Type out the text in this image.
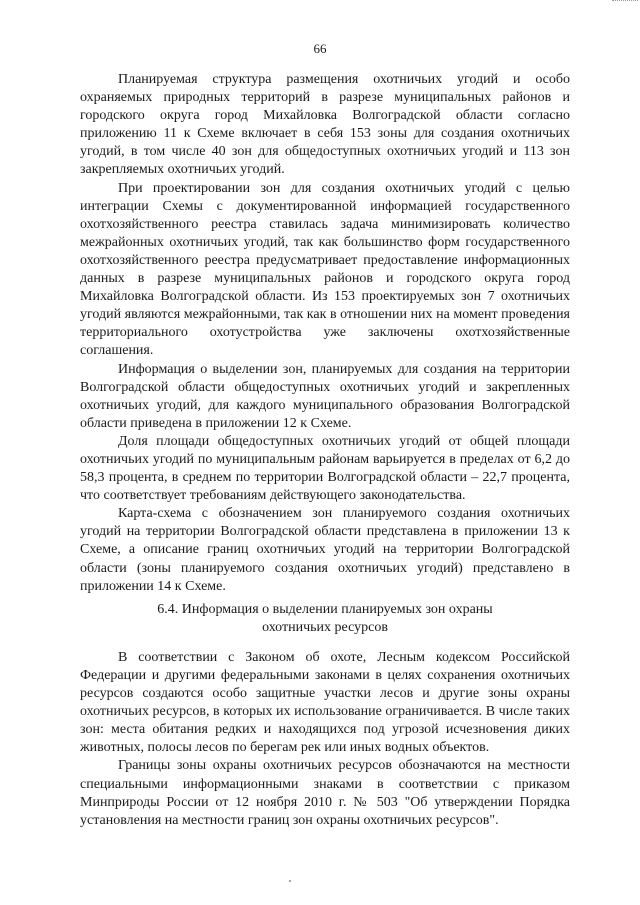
66

Планируемая структура размещения охотничьих угодий и особо охраняемых природных территорий в разрезе муниципальных районов и городского округа город Михайловка Волгоградской области согласно приложению 11 к Схеме включает в себя 153 зоны для создания охотничьих угодий, в том числе 40 зон для общедоступных охотничьих угодий и 113 зон закрепляемых охотничьих угодий.

При проектировании зон для создания охотничьих угодий с целью интеграции Схемы с документированной информацией государственного охотхозяйственного реестра ставилась задача минимизировать количество межрайонных охотничьих угодий, так как большинство форм государственного охотхозяйственного реестра предусматривает предоставление информационных данных в разрезе муниципальных районов и городского округа город Михайловка Волгоградской области. Из 153 проектируемых зон 7 охотничьих угодий являются межрайонными, так как в отношении них на момент проведения территориального охотустройства уже заключены охотхозяйственные соглашения.

Информация о выделении зон, планируемых для создания на территории Волгоградской области общедоступных охотничьих угодий и закрепленных охотничьих угодий, для каждого муниципального образования Волгоградской области приведена в приложении 12 к Схеме.

Доля площади общедоступных охотничьих угодий от общей площади охотничьих угодий по муниципальным районам варьируется в пределах от 6,2 до 58,3 процента, в среднем по территории Волгоградской области – 22,7 процента, что соответствует требованиям действующего законодательства.

Карта-схема с обозначением зон планируемого создания охотничьих угодий на территории Волгоградской области представлена в приложении 13 к Схеме, а описание границ охотничьих угодий на территории Волгоградской области (зоны планируемого создания охотничьих угодий) представлено в приложении 14 к Схеме.

6.4. Информация о выделении планируемых зон охраны
охотничьих ресурсов

В соответствии с Законом об охоте, Лесным кодексом Российской Федерации и другими федеральными законами в целях сохранения охотничьих ресурсов создаются особо защитные участки лесов и другие зоны охраны охотничьих ресурсов, в которых их использование ограничивается. В числе таких зон: места обитания редких и находящихся под угрозой исчезновения диких животных, полосы лесов по берегам рек или иных водных объектов.

Границы зоны охраны охотничьих ресурсов обозначаются на местности специальными информационными знаками в соответствии с приказом Минприроды России от 12 ноября 2010 г. № 503 "Об утверждении Порядка установления на местности границ зон охраны охотничьих ресурсов".
